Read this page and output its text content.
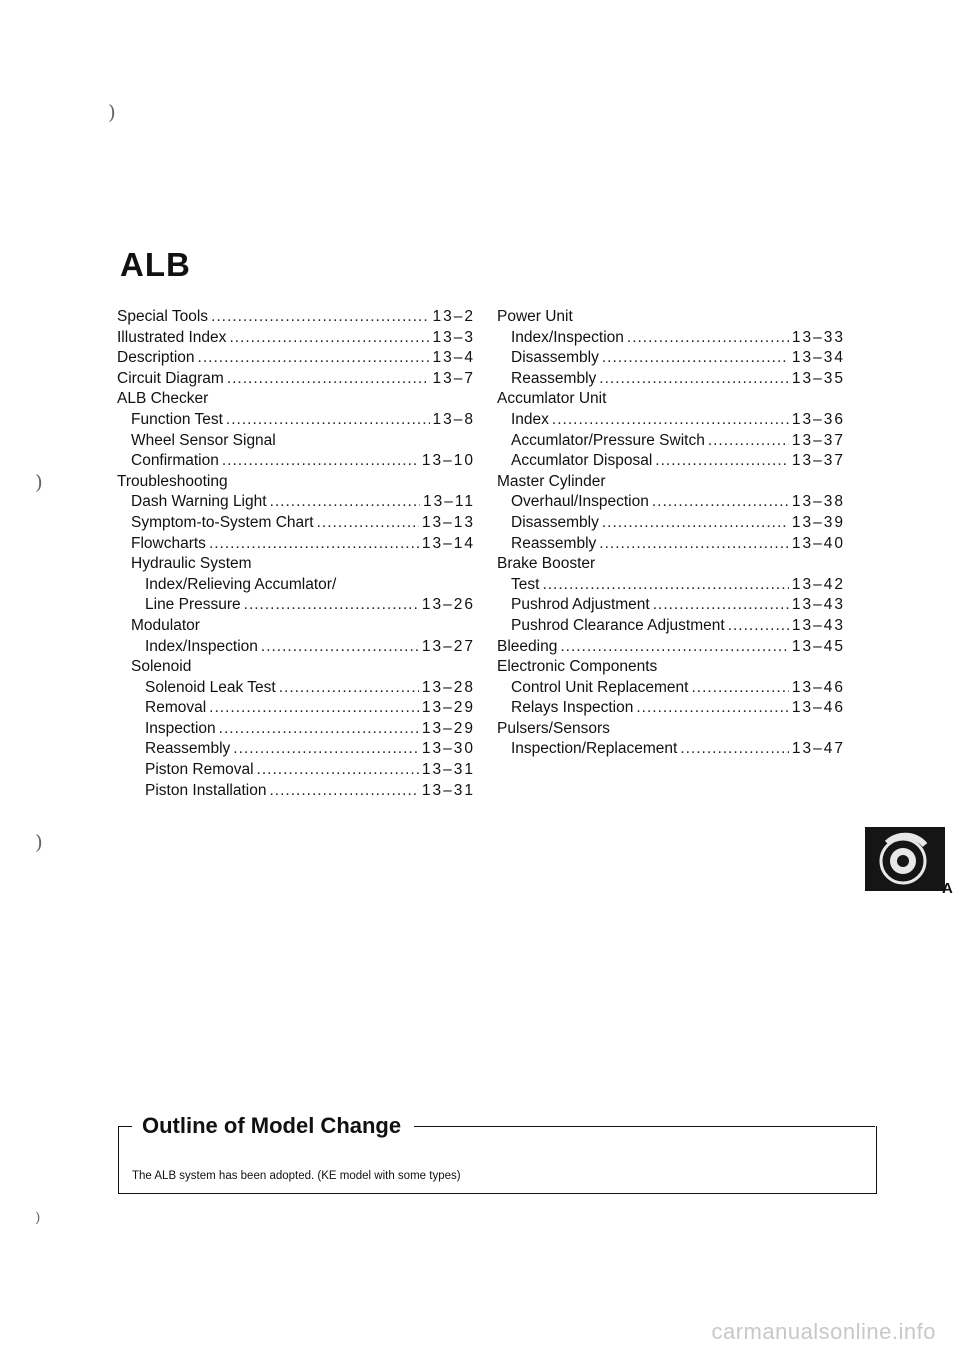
ALB
Special Tools .....	13–2
Illustrated Index .....	13–3
Description .....	13–4
Circuit Diagram .....	13–7
ALB Checker
Function Test .....	13–8
Wheel Sensor Signal
Confirmation .....	13–10
Troubleshooting
Dash Warning Light .....	13–11
Symptom-to-System Chart .....	13–13
Flowcharts .....	13–14
Hydraulic System
Index/Relieving Accumlator/
Line Pressure .....	13–26
Modulator
Index/Inspection .....	13–27
Solenoid
Solenoid Leak Test .....	13–28
Removal .....	13–29
Inspection .....	13–29
Reassembly .....	13–30
Piston Removal .....	13–31
Piston Installation .....	13–31
Power Unit
Index/Inspection .....	13–33
Disassembly .....	13–34
Reassembly .....	13–35
Accumlator Unit
Index .....	13–36
Accumlator/Pressure Switch .....	13–37
Accumlator Disposal .....	13–37
Master Cylinder
Overhaul/Inspection .....	13–38
Disassembly .....	13–39
Reassembly .....	13–40
Brake Booster
Test .....	13–42
Pushrod Adjustment .....	13–43
Pushrod Clearance Adjustment .....	13–43
Bleeding .....	13–45
Electronic Components
Control Unit Replacement .....	13–46
Relays Inspection .....	13–46
Pulsers/Sensors
Inspection/Replacement .....	13–47
)
)
)
)
A
Outline of Model Change
The ALB system has been adopted. (KE model with some types)
carmanualsonline.info
